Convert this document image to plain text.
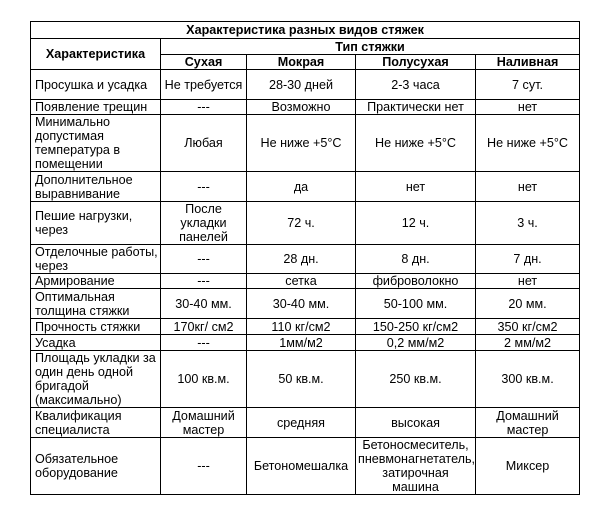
Характеристика разных видов стяжек				
Характеристика	Тип стяжки			
	Сухая	Мокрая	Полусухая	Наливная
Просушка и усадка	Не требуется	28-30 дней	2-3 часа	7 сут.
Появление трещин	---	Возможно	Практически нет	нет
Минимально допустимая температура в помещении	Любая	Не ниже +5°С	Не ниже +5°С	Не ниже +5°С
Дополнительное выравнивание	---	да	нет	нет
Пешие нагрузки, через	После укладки панелей	72 ч.	12 ч.	3 ч.
Отделочные работы, через	---	28 дн.	8 дн.	7 дн.
Армирование	---	сетка	фиброволокно	нет
Оптимальная толщина стяжки	30-40 мм.	30-40 мм.	50-100 мм.	20 мм.
Прочность стяжки	170кг/ см2	110 кг/см2	150-250 кг/см2	350 кг/см2
Усадка	---	1мм/м2	0,2 мм/м2	2 мм/м2
Площадь укладки за один день одной бригадой (максимально)	100 кв.м.	50 кв.м.	250 кв.м.	300 кв.м.
Квалификация специалиста	Домашний мастер	средняя	высокая	Домашний мастер
Обязательное оборудование	---	Бетономешалка	Бетоносмеситель, пневмонагнетатель, затирочная машина	Миксер
